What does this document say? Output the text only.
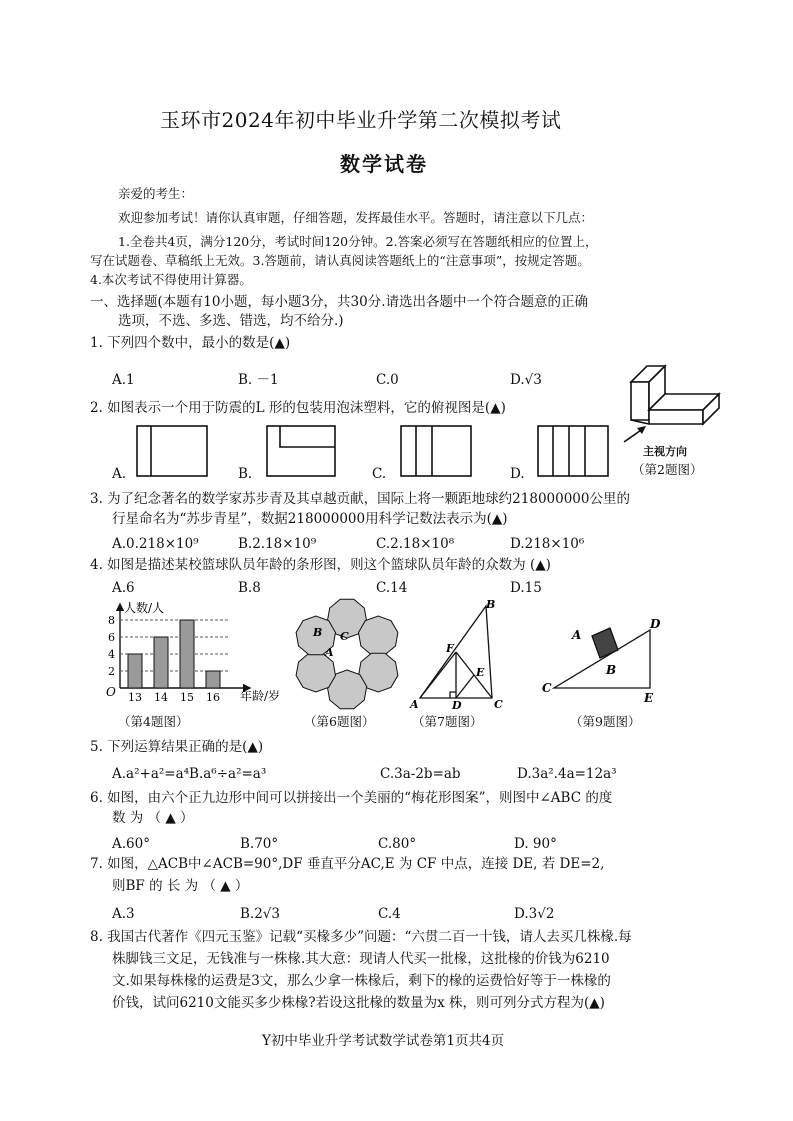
玉环市2024年初中毕业升学第二次模拟考试
数学试卷
亲爱的考生：
欢迎参加考试！请你认真审题，仔细答题，发挥最佳水平。答题时，请注意以下几点：
1.全卷共4页，满分120分，考试时间120分钟。2.答案必须写在答题纸相应的位置上，
写在试题卷、草稿纸上无效。3.答题前，请认真阅读答题纸上的“注意事项”，按规定答题。
4.本次考试不得使用计算器。
一、选择题(本题有10小题，每小题3分，共30分.请选出各题中一个符合题意的正确
选项，不选、多选、错选，均不给分.)
1. 下列四个数中，最小的数是(▲)
A.1	B. －1	C.0	D.√3
2. 如图表示一个用于防震的L 形的包装用泡沫塑料，它的俯视图是(▲)
主视方向
（第2题图）
A.	B.	C.	D.
3. 为了纪念著名的数学家苏步青及其卓越贡献，国际上将一颗距地球约218000000公里的
行星命名为“苏步青星”，数据218000000用科学记数法表示为(▲)
A.0.218×10⁹	B.2.18×10⁹	C.2.18×10⁸	D.218×10⁶
4. 如图是描述某校篮球队员年龄的条形图，则这个篮球队员年龄的众数为 (▲)
A.6	B.8	C.14	D.15
2
4
6
8
13 14 15 16
人数/人
年龄/岁
O
（第4题图）
B C
A
（第6题图）
B
F
E
A	D	C
（第7题图）
A
D
B
C
E
（第9题图）
5. 下列运算结果正确的是(▲)
A.a²+a²=a⁴B.a⁶÷a²=a³	C.3a-2b=ab	D.3a².4a=12a³
6. 如图，由六个正九边形中间可以拼接出一个美丽的“梅花形图案”，则图中∠ABC 的度
数 为 （ ▲ ）
A.60°	B.70°	C.80°	D. 90°
7. 如图，△ACB中∠ACB=90°,DF 垂直平分AC,E 为 CF 中点，连接 DE, 若 DE=2,
则BF 的 长 为 （ ▲ ）
A.3	B.2√3	C.4	D.3√2
8. 我国古代著作《四元玉鉴》记载“买椽多少”问题：“六贯二百一十钱，请人去买几株椽.每
株脚钱三文足，无钱准与一株椽.其大意：现请人代买一批椽，这批椽的价钱为6210
文.如果每株椽的运费是3文，那么少拿一株椽后，剩下的椽的运费恰好等于一株椽的
价钱，试问6210文能买多少株椽?若设这批椽的数量为x 株，则可列分式方程为(▲)
Y初中毕业升学考试数学试卷第1页共4页
